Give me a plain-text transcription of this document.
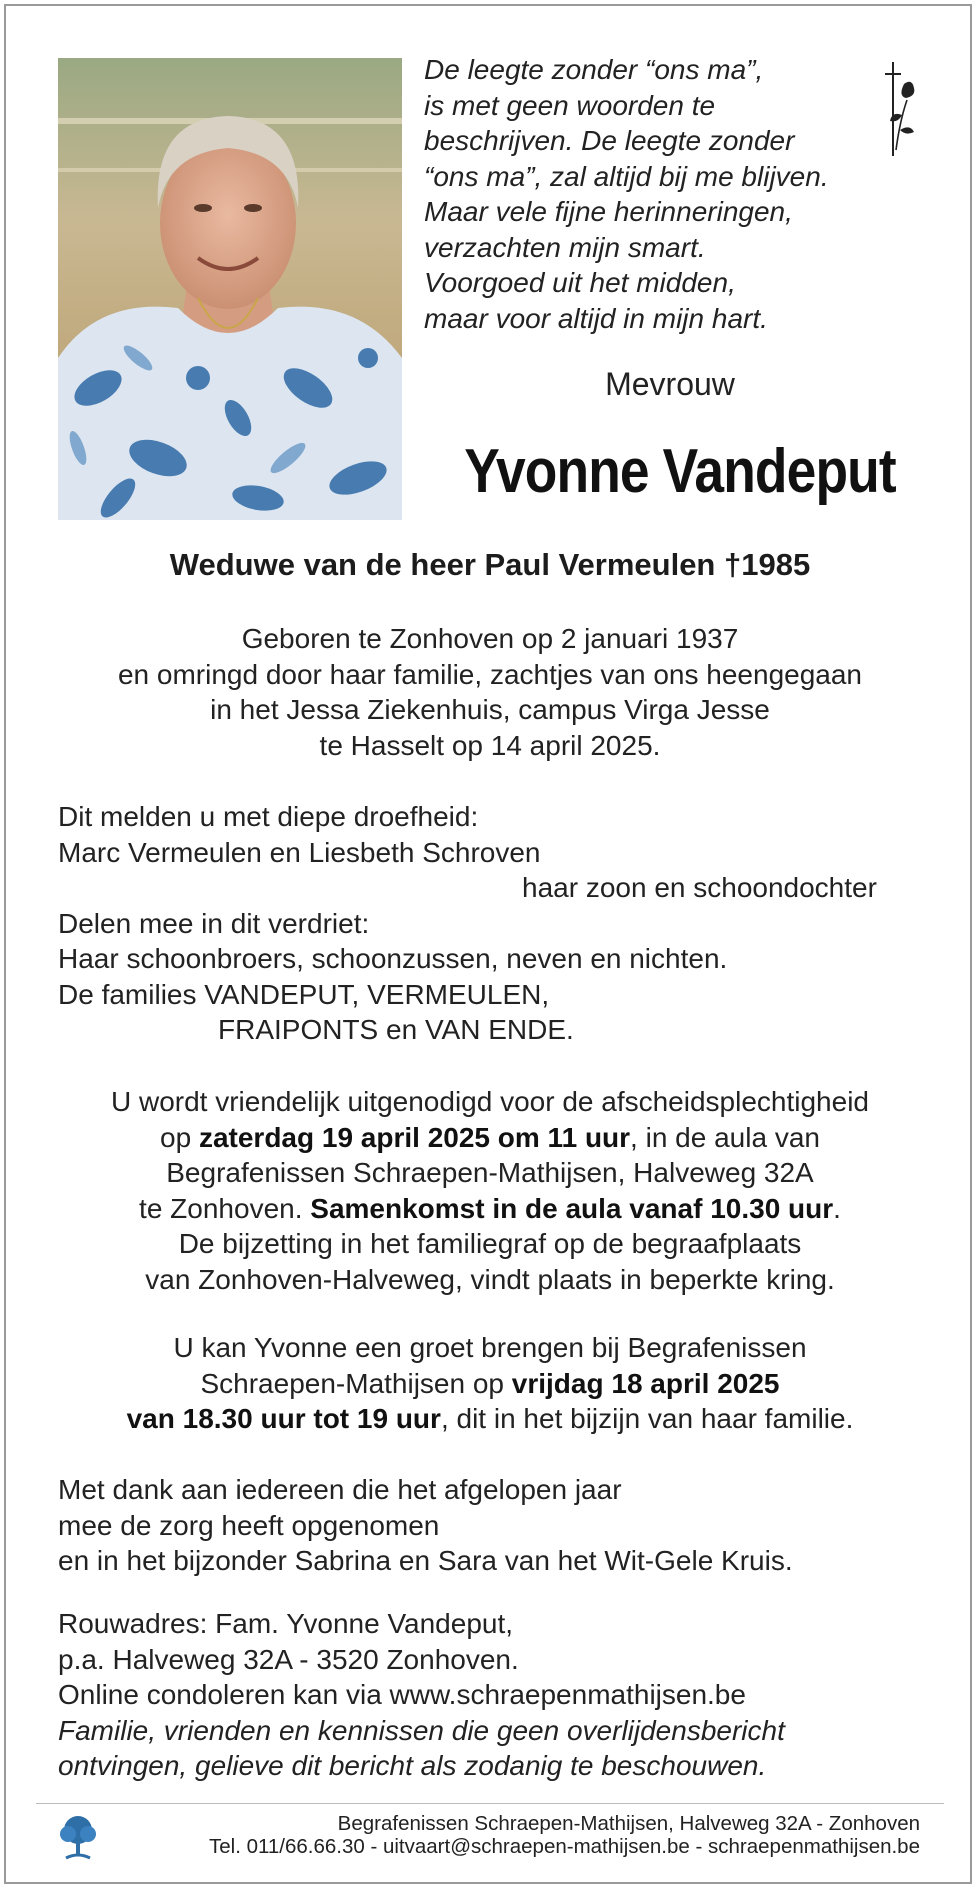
De leegte zonder “ons ma”,
is met geen woorden te
beschrijven. De leegte zonder
“ons ma”, zal altijd bij me blijven.
Maar vele fijne herinneringen,
verzachten mijn smart.
Voorgoed uit het midden,
maar voor altijd in mijn hart.
Mevrouw
Yvonne Vandeput
Weduwe van de heer Paul Vermeulen †1985
Geboren te Zonhoven op 2 januari 1937
en omringd door haar familie, zachtjes van ons heengegaan
in het Jessa Ziekenhuis, campus Virga Jesse
te Hasselt op 14 april 2025.
Dit melden u met diepe droefheid:
Marc Vermeulen en Liesbeth Schroven
haar zoon en schoondochter
Delen mee in dit verdriet:
Haar schoonbroers, schoonzussen, neven en nichten.
De families VANDEPUT, VERMEULEN,
FRAIPONTS en VAN ENDE.
U wordt vriendelijk uitgenodigd voor de afscheidsplechtigheid
op zaterdag 19 april 2025 om 11 uur, in de aula van
Begrafenissen Schraepen-Mathijsen, Halveweg 32A
te Zonhoven. Samenkomst in de aula vanaf 10.30 uur.
De bijzetting in het familiegraf op de begraafplaats
van Zonhoven-Halveweg, vindt plaats in beperkte kring.
U kan Yvonne een groet brengen bij Begrafenissen
Schraepen-Mathijsen op vrijdag 18 april 2025
van 18.30 uur tot 19 uur, dit in het bijzijn van haar familie.
Met dank aan iedereen die het afgelopen jaar
mee de zorg heeft opgenomen
en in het bijzonder Sabrina en Sara van het Wit-Gele Kruis.
Rouwadres: Fam. Yvonne Vandeput,
p.a. Halveweg 32A - 3520 Zonhoven.
Online condoleren kan via www.schraepenmathijsen.be
Familie, vrienden en kennissen die geen overlijdensbericht
ontvingen, gelieve dit bericht als zodanig te beschouwen.
Begrafenissen Schraepen-Mathijsen, Halveweg 32A - Zonhoven
Tel. 011/66.66.30 - uitvaart@schraepen-mathijsen.be - schraepenmathijsen.be
